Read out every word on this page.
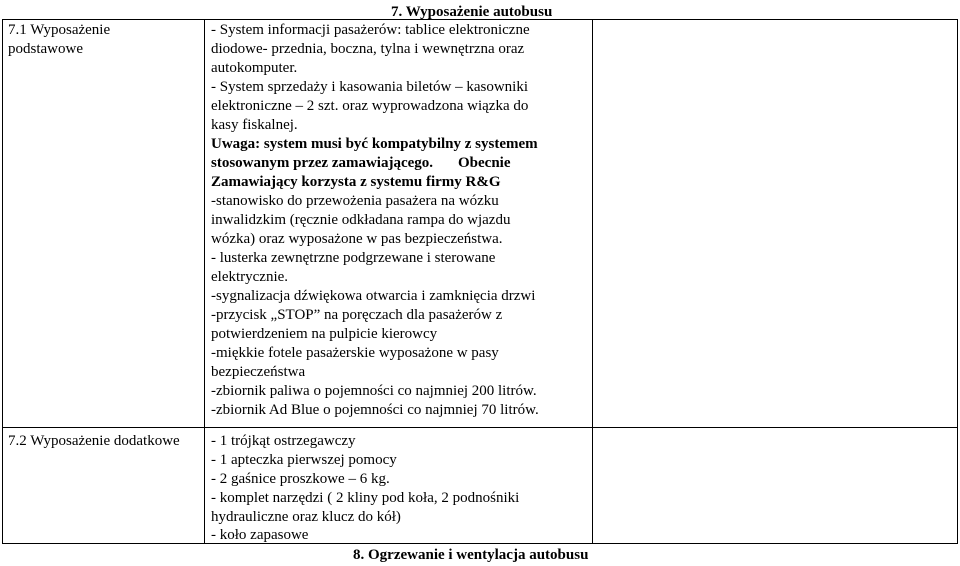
7. Wyposażenie autobusu
8. Ogrzewanie i wentylacja autobusu
7.1 Wyposażenie
podstawowe
- System informacji pasażerów: tablice elektroniczne
diodowe- przednia, boczna, tylna i wewnętrzna oraz
autokomputer.
- System sprzedaży i kasowania biletów – kasowniki
elektroniczne – 2 szt. oraz wyprowadzona wiązka do
kasy fiskalnej.
Uwaga: system musi być kompatybilny z systemem
stosowanym przez zamawiającego. Obecnie
Zamawiający korzysta z systemu firmy R&G
-stanowisko do przewożenia pasażera na wózku
inwalidzkim (ręcznie odkładana rampa do wjazdu
wózka) oraz wyposażone w pas bezpieczeństwa.
- lusterka zewnętrzne podgrzewane i sterowane
elektrycznie.
-sygnalizacja dźwiękowa otwarcia i zamknięcia drzwi
-przycisk „STOP” na poręczach dla pasażerów z
potwierdzeniem na pulpicie kierowcy
-miękkie fotele pasażerskie wyposażone w pasy
bezpieczeństwa
-zbiornik paliwa o pojemności co najmniej 200 litrów.
-zbiornik Ad Blue o pojemności co najmniej 70 litrów.
7.2 Wyposażenie dodatkowe - 1 trójkąt ostrzegawczy
- 1 apteczka pierwszej pomocy
- 2 gaśnice proszkowe – 6 kg.
- komplet narzędzi ( 2 kliny pod koła, 2 podnośniki
hydrauliczne oraz klucz do kół)
- koło zapasowe
